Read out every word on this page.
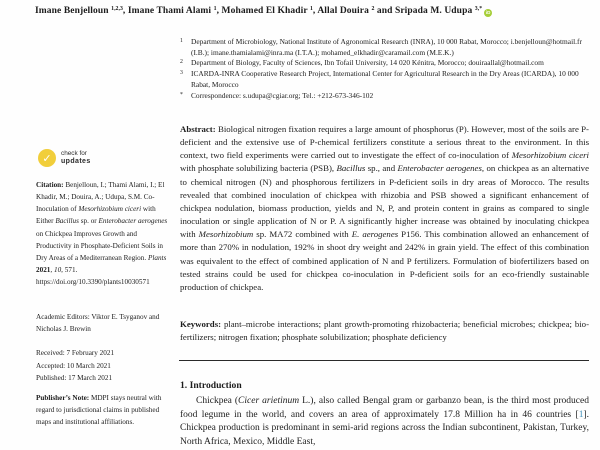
Imane Benjelloun $^{1,2,3}$, Imane Thami Alami $^1$, Mohamed El Khadir $^1$, Allal Douira $^2$ and Sripada M. Udupa $^{3,*}$iD
1	Department of Microbiology, National Institute of Agronomical Research (INRA), 10 000 Rabat, Morocco; i.benjelloun@hotmail.fr (I.B.); imane.thamialami@inra.ma (I.T.A.); mohamed_elkhadir@caramail.com (M.E.K.)
2	Department of Biology, Faculty of Sciences, Ibn Tofail University, 14 020 Kénitra, Morocco; douiraallal@hotmail.com
3	ICARDA-INRA Cooperative Research Project, International Center for Agricultural Research in the Dry Areas (ICARDA), 10 000 Rabat, Morocco
*	Correspondence: s.udupa@cgiar.org; Tel.: +212-673-346-102
Abstract: Biological nitrogen fixation requires a large amount of phosphorus (P). However, most of the soils are P-deficient and the extensive use of P-chemical fertilizers constitute a serious threat to the environment. In this context, two field experiments were carried out to investigate the effect of co-inoculation of Mesorhizobium ciceri with phosphate solubilizing bacteria (PSB), Bacillus sp., and Enterobacter aerogenes, on chickpea as an alternative to chemical nitrogen (N) and phosphorous fertilizers in P-deficient soils in dry areas of Morocco. The results revealed that combined inoculation of chickpea with rhizobia and PSB showed a significant enhancement of chickpea nodulation, biomass production, yields and N, P, and protein content in grains as compared to single inoculation or single application of N or P. A significantly higher increase was obtained by inoculating chickpea with Mesorhizobium sp. MA72 combined with E. aerogenes P156. This combination allowed an enhancement of more than 270% in nodulation, 192% in shoot dry weight and 242% in grain yield. The effect of this combination was equivalent to the effect of combined application of N and P fertilizers. Formulation of biofertilizers based on tested strains could be used for chickpea co-inoculation in P-deficient soils for an eco-friendly sustainable production of chickpea.
Keywords: plant–microbe interactions; plant growth-promoting rhizobacteria; beneficial microbes; chickpea; bio-fertilizers; nitrogen fixation; phosphate solubilization; phosphate deficiency
1. Introduction
Chickpea (Cicer arietinum L.), also called Bengal gram or garbanzo bean, is the third most produced food legume in the world, and covers an area of approximately 17.8 Million ha in 46 countries [1]. Chickpea production is predominant in semi-arid regions across the Indian subcontinent, Pakistan, Turkey, North Africa, Mexico, Middle East,
✓	check for
updates
Citation: Benjelloun, I.; Thami Alami, I.; El Khadir, M.; Douira, A.; Udupa, S.M. Co-Inoculation of Mesorhizobium ciceri with Either Bacillus sp. or Enterobacter aerogenes on Chickpea Improves Growth and Productivity in Phosphate-Deficient Soils in Dry Areas of a Mediterranean Region. Plants 2021, 10, 571. https://doi.org/10.3390/plants10030571
Academic Editors: Viktor E. Tsyganov and Nicholas J. Brewin
Received: 7 February 2021
Accepted: 10 March 2021
Published: 17 March 2021
Publisher’s Note: MDPI stays neutral with regard to jurisdictional claims in published maps and institutional affiliations.
